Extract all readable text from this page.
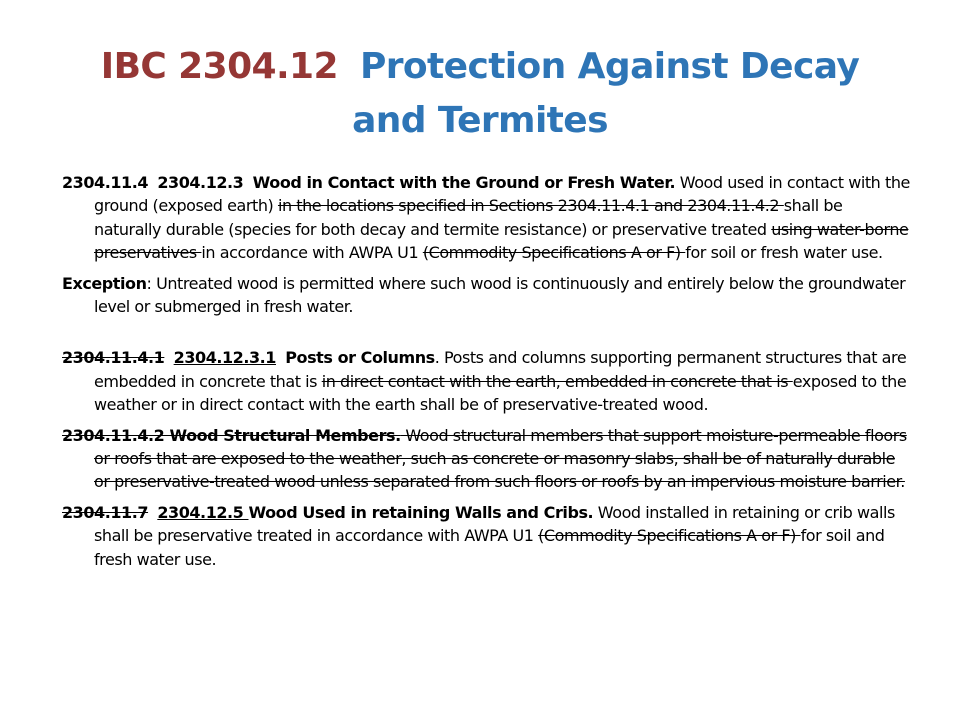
IBC 2304.12 Protection Against Decay
and Termites

2304.11.4 2304.12.3 Wood in Contact with the Ground or Fresh Water. Wood used in contact with the ground (exposed earth) in the locations specified in Sections 2304.11.4.1 and 2304.11.4.2 shall be naturally durable (species for both decay and termite resistance) or preservative treated using water-borne preservatives in accordance with AWPA U1 (Commodity Specifications A or F) for soil or fresh water use.

Exception: Untreated wood is permitted where such wood is continuously and entirely below the groundwater level or submerged in fresh water.

2304.11.4.1 2304.12.3.1 Posts or Columns. Posts and columns supporting permanent structures that are embedded in concrete that is in direct contact with the earth, embedded in concrete that is exposed to the weather or in direct contact with the earth shall be of preservative-treated wood.

2304.11.4.2 Wood Structural Members. Wood structural members that support moisture-permeable floors or roofs that are exposed to the weather, such as concrete or masonry slabs, shall be of naturally durable or preservative-treated wood unless separated from such floors or roofs by an impervious moisture barrier.

2304.11.7 2304.12.5 Wood Used in retaining Walls and Cribs. Wood installed in retaining or crib walls shall be preservative treated in accordance with AWPA U1 (Commodity Specifications A or F) for soil and fresh water use.
